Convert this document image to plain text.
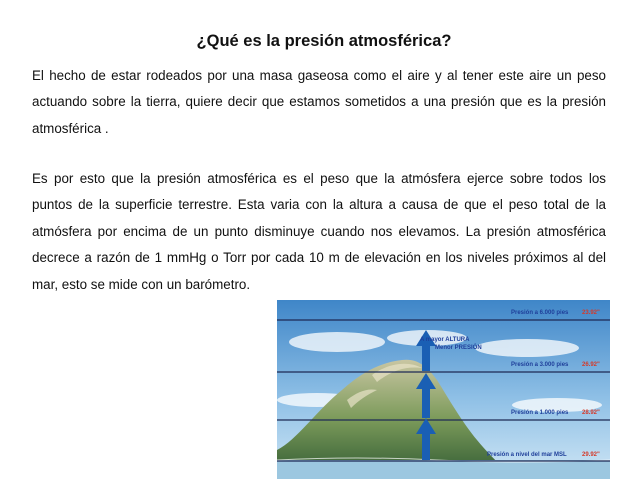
¿Qué es la presión atmosférica?

El hecho de estar rodeados por una masa gaseosa como el aire y al tener este aire un peso actuando sobre la tierra, quiere decir que estamos sometidos a una presión que es la presión atmosférica .

Es por esto que la presión atmosférica es el peso que la atmósfera ejerce sobre todos los puntos de la superficie terrestre. Esta varia con la altura a causa de que el peso total de la atmósfera por encima de un punto disminuye cuando nos elevamos. La presión atmosférica decrece a razón de 1 mmHg o Torr por cada 10 m de elevación en los niveles próximos al del mar, esto se mide con un barómetro.

A mayor ALTURA
Menor PRESIÓN
Presión a 6.000 pies 23.92"
Presión a 3.000 pies 26.92"
Presión a 1.000 pies 28.92"
Presión a nivel del mar MSL	29.92"
